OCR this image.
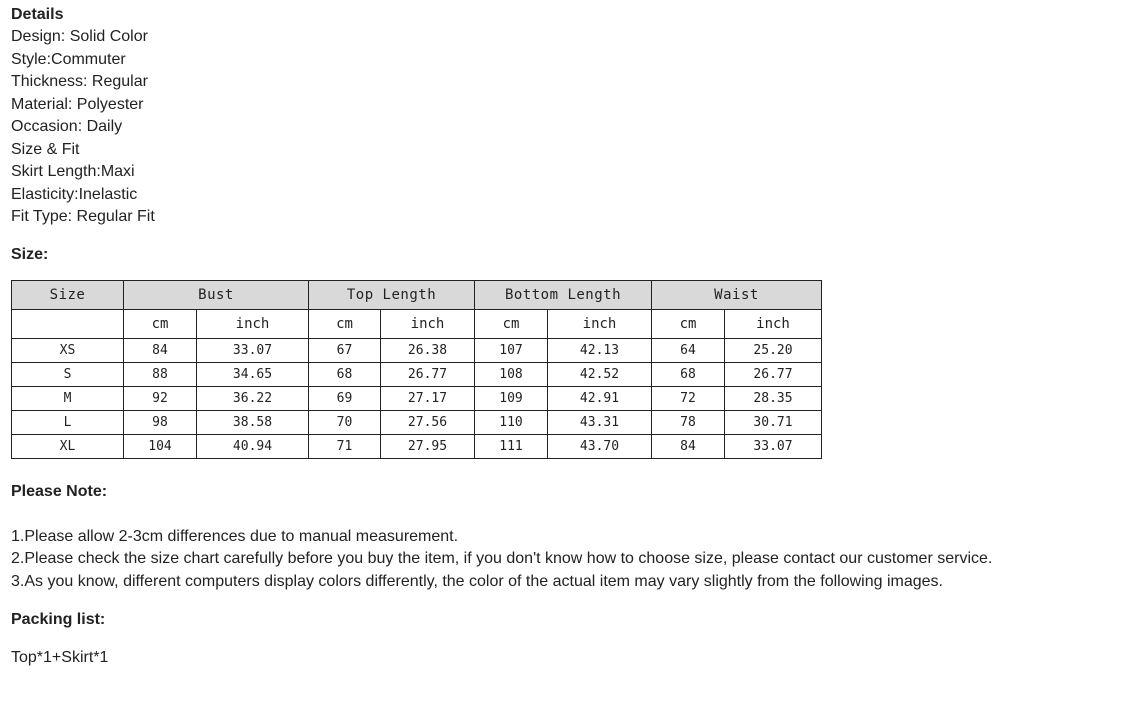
Details

Design: Solid Color

Style:Commuter

Thickness: Regular

Material: Polyester

Occasion: Daily

Size & Fit

Skirt Length:Maxi

Elasticity:Inelastic

Fit Type: Regular Fit

Size:

Size	Bust		Top Length		Bottom Length		Waist	
	cm	inch	cm	inch	cm	inch	cm	inch
XS	84	33.07	67	26.38	107	42.13	64	25.20
S	88	34.65	68	26.77	108	42.52	68	26.77
M	92	36.22	69	27.17	109	42.91	72	28.35
L	98	38.58	70	27.56	110	43.31	78	30.71
XL	104	40.94	71	27.95	111	43.70	84	33.07

Please Note:

1.Please allow 2-3cm differences due to manual measurement.

2.Please check the size chart carefully before you buy the item, if you don't know how to choose size, please contact our customer service.

3.As you know, different computers display colors differently, the color of the actual item may vary slightly from the following images.

Packing list:

Top*1+Skirt*1
